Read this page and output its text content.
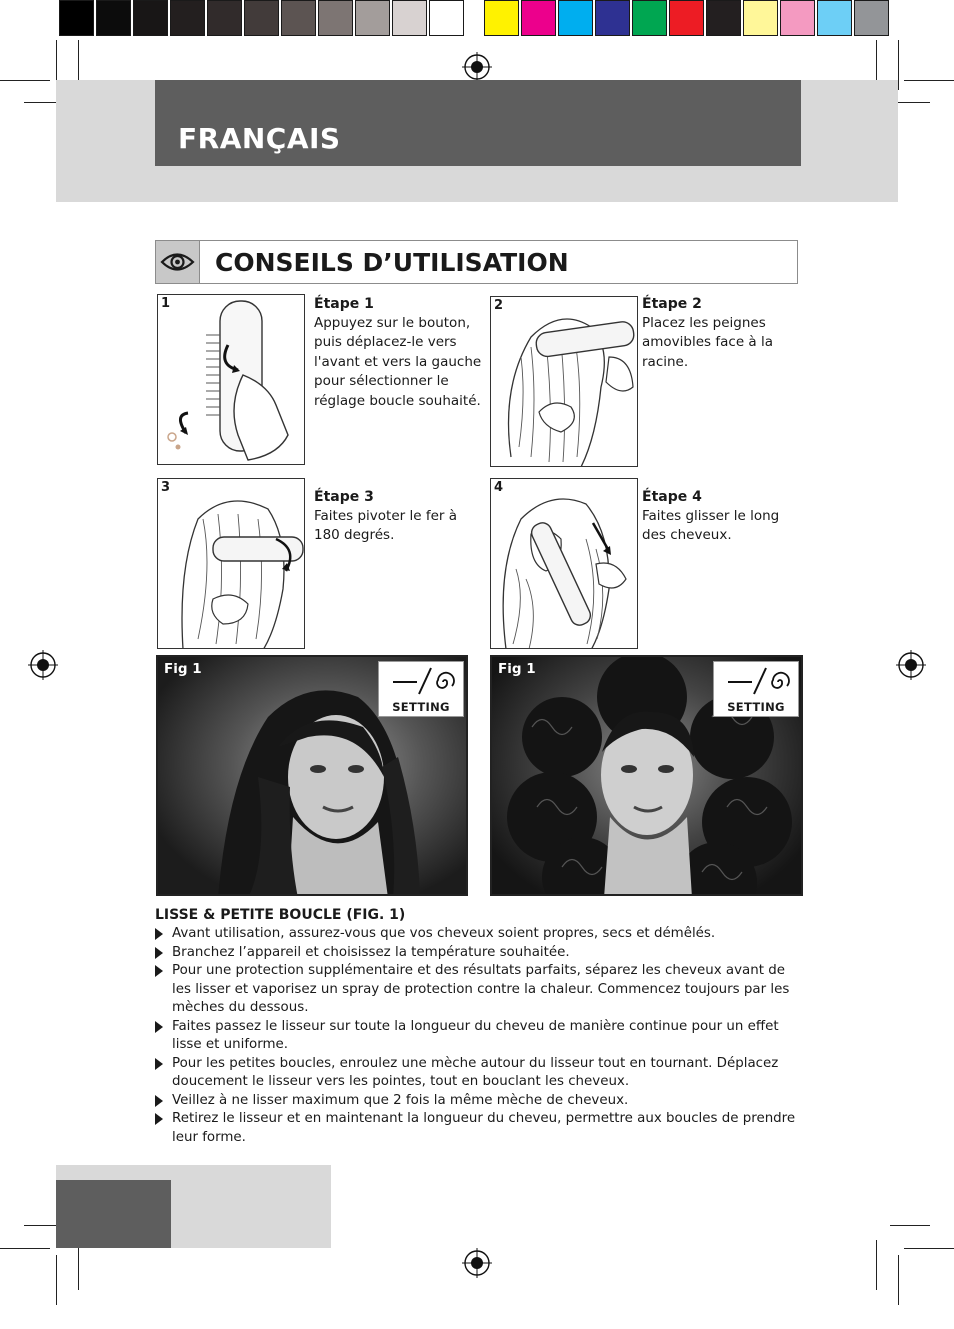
FRANÇAIS
CONSEILS D’UTILISATION
1	Étape 1
Appuyez sur le bouton,
puis déplacez-le vers
l'avant et vers la gauche
pour sélectionner le
réglage boucle souhaité.
2	Étape 2
Placez les peignes
amovibles face à la
racine.
3
Étape 3
Faites pivoter le fer à
180 degrés.
4
Étape 4
Faites glisser le long
des cheveux.
Fig 1
SETTING
Fig 1
SETTING
LISSE & PETITE BOUCLE (FIG. 1)
Avant utilisation, assurez-vous que vos cheveux soient propres, secs et démêlés.
Branchez l’appareil et choisissez la température souhaitée.
Pour une protection supplémentaire et des résultats parfaits, séparez les cheveux avant de les lisser et vaporisez un spray de protection contre la chaleur. Commencez toujours par les mèches du dessous.
Faites passez le lisseur sur toute la longueur du cheveu de manière continue pour un effet lisse et uniforme.
Pour les petites boucles, enroulez une mèche autour du lisseur tout en tournant. Déplacez doucement le lisseur vers les pointes, tout en bouclant les cheveux.
Veillez à ne lisser maximum que 2 fois la même mèche de cheveux.
Retirez le lisseur et en maintenant la longueur du cheveu, permettre aux boucles de prendre leur forme.
